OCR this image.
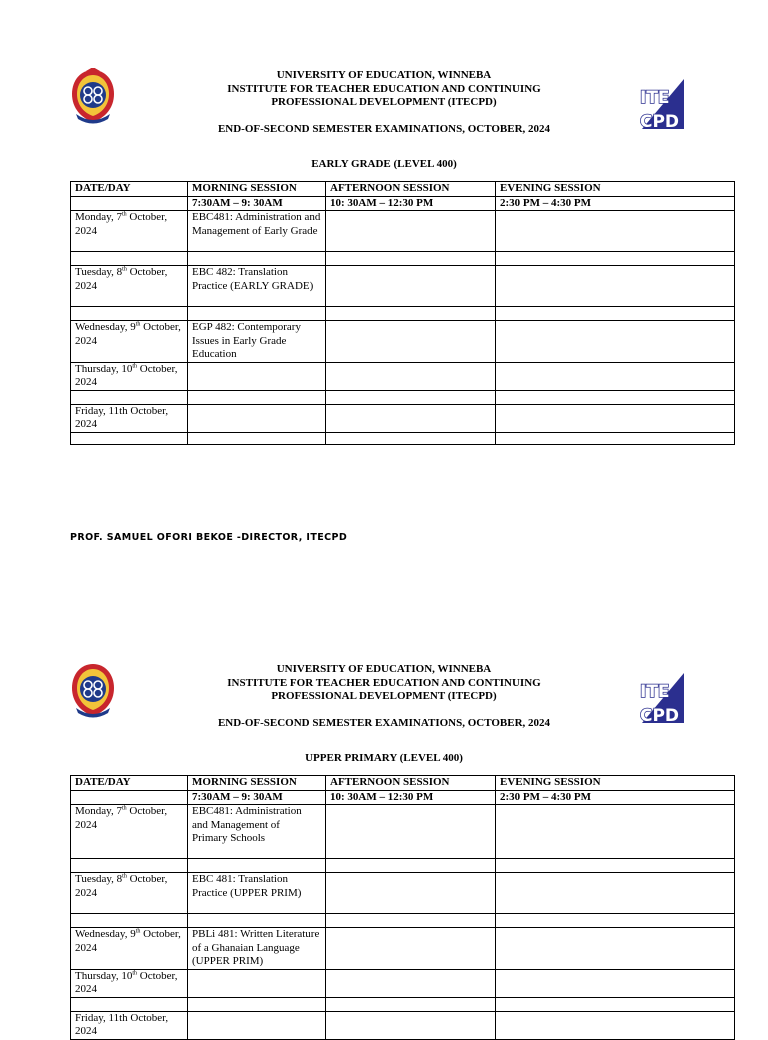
UNIVERSITY OF EDUCATION, WINNEBA
INSTITUTE FOR TEACHER EDUCATION AND CONTINUING
PROFESSIONAL DEVELOPMENT (ITECPD)	ITE
CPD
END-OF-SECOND SEMESTER EXAMINATIONS, OCTOBER, 2024
EARLY GRADE (LEVEL 400)
DATE/DAY	MORNING SESSION	AFTERNOON SESSION	EVENING SESSION
	7:30AM – 9: 30AM	10: 30AM – 12:30 PM	2:30 PM – 4:30 PM
Monday, 7th October, 2024	EBC481: Administration and Management of Early Grade		

Tuesday, 8th October, 2024	EBC 482: Translation Practice (EARLY GRADE)		

Wednesday, 9th October, 2024	EGP 482: Contemporary Issues in Early Grade Education		
Thursday, 10th October, 2024			

Friday, 11th October, 2024			

PROF. SAMUEL OFORI BEKOE -DIRECTOR, ITECPD
UNIVERSITY OF EDUCATION, WINNEBA
INSTITUTE FOR TEACHER EDUCATION AND CONTINUING
PROFESSIONAL DEVELOPMENT (ITECPD)	ITE
CPD
END-OF-SECOND SEMESTER EXAMINATIONS, OCTOBER, 2024
UPPER PRIMARY (LEVEL 400)
DATE/DAY	MORNING SESSION	AFTERNOON SESSION	EVENING SESSION
	7:30AM – 9: 30AM	10: 30AM – 12:30 PM	2:30 PM – 4:30 PM
Monday, 7th October, 2024	EBC481: Administration and Management of Primary Schools		

Tuesday, 8th October, 2024	EBC 481: Translation Practice (UPPER PRIM)		

Wednesday, 9th October, 2024	PBLi 481: Written Literature of a Ghanaian Language (UPPER PRIM)		
Thursday, 10th October, 2024			

Friday, 11th October, 2024			
